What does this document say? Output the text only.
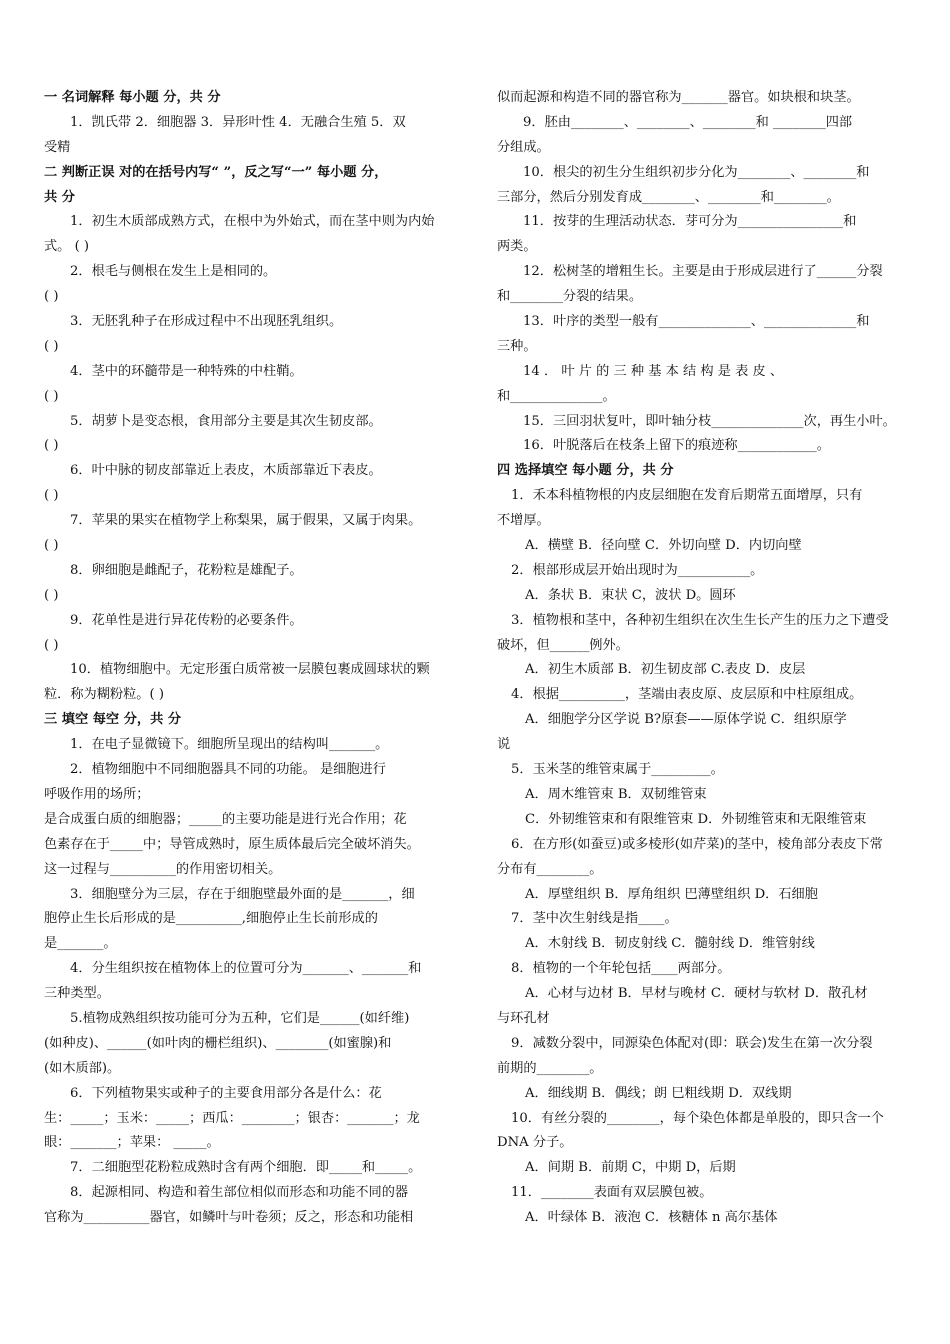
一 名词解释 每小题 分，共 分
1．凯氏带 2．细胞器 3．异形叶性 4．无融合生殖 5．双
受精
二 判断正误 对的在括号内写“ ”，反之写“一” 每小题 分，
共 分
1．初生木质部成熟方式，在根中为外始式，而在茎中则为内始
式。 ( )
2．根毛与侧根在发生上是相同的。
( )
3．无胚乳种子在形成过程中不出现胚乳组织。
( )
4．茎中的环髓带是一种特殊的中柱鞘。
( )
5．胡萝卜是变态根，食用部分主要是其次生韧皮部。
( )
6．叶中脉的韧皮部靠近上表皮，木质部靠近下表皮。
( )
7．苹果的果实在植物学上称梨果，属于假果，又属于肉果。
( )
8．卵细胞是雌配子，花粉粒是雄配子。
( )
9．花单性是进行异花传粉的必要条件。
( )
10．植物细胞中。无定形蛋白质常被一层膜包裹成圆球状的颗
粒．称为糊粉粒。( )
三 填空 每空 分，共 分
1．在电子显微镜下。细胞所呈现出的结构叫_______。
2．植物细胞中不同细胞器具不同的功能。 是细胞进行
呼吸作用的场所；
是合成蛋白质的细胞器；_____的主要功能是进行光合作用；花
色素存在于_____中；导管成熟时，原生质体最后完全破坏消失。
这一过程与__________的作用密切相关。
3．细胞壁分为三层，存在于细胞壁最外面的是_______，细
胞停止生长后形成的是__________,细胞停止生长前形成的
是_______。
4．分生组织按在植物体上的位置可分为_______、_______和
三种类型。
5.植物成熟组织按功能可分为五种，它们是______(如纤维)
(如种皮)、______(如叶肉的栅栏组织)、________(如蜜腺)和
(如木质部)。
6．下列植物果实或种子的主要食用部分各是什么：花
生：_____；玉米：_____；西瓜：________；银杏：_______；龙
眼：_______；苹果： _____。
7．二细胞型花粉粒成熟时含有两个细胞．即_____和_____。
8．起源相同、构造和着生部位相似而形态和功能不同的器
官称为__________器官，如鳞叶与叶卷须；反之，形态和功能相
似而起源和构造不同的器官称为_______器官。如块根和块茎。
9．胚由________、________、________和 ________四部
分组成。
10．根尖的初生分生组织初步分化为________、________和
三部分，然后分别发育成________、________和________。
11．按芽的生理活动状态．芽可分为________________和
两类。
12．松树茎的增粗生长。主要是由于形成层进行了______分裂
和________分裂的结果。
13．叶序的类型一般有______________、______________和
三种。
14 ． 叶 片 的 三 种 基 本 结 构 是 表 皮 、
和______________。
15．三回羽状复叶，即叶轴分枝______________次，再生小叶。
16．叶脱落后在枝条上留下的痕迹称____________。
四 选择填空 每小题 分，共 分
1．禾本科植物根的内皮层细胞在发育后期常五面增厚，只有
不增厚。
A．横壁 B．径向壁 C．外切向壁 D．内切向壁
2．根部形成层开始出现时为___________。
A．条状 B．束状 C，波状 D。圆环
3．植物根和茎中，各种初生组织在次生生长产生的压力之下遭受
破坏，但______例外。
A．初生木质部 B．初生韧皮部 C.表皮 D．皮层
4．根据__________，茎端由表皮原、皮层原和中柱原组成。
A．细胞学分区学说 B?原套——原体学说 C．组织原学
说
5．玉米茎的维管束属于_________。
A．周木维管束 B．双韧维管束
C．外韧维管束和有限维管束 D．外韧维管束和无限维管束
6．在方形(如蚕豆)或多棱形(如芹菜)的茎中，棱角部分表皮下常
分布有________。
A．厚壁组织 B．厚角组织 巴薄壁组织 D．石细胞
7．茎中次生射线是指____。
A．木射线 B．韧皮射线 C．髓射线 D．维管射线
8．植物的一个年轮包括____两部分。
A．心材与边材 B．早材与晚材 C．硬材与软材 D．散孔材
与环孔材
9．减数分裂中，同源染色体配对(即：联会)发生在第一次分裂
前期的________。
A．细线期 B．偶线；朗 巳粗线期 D．双线期
10．有丝分裂的________，每个染色体都是单股的，即只含一个
DNA 分子。
A．间期 B．前期 C，中期 D，后期
11．________表面有双层膜包被。
A．叶绿体 B．液泡 C．核糖体 n 高尔基体
